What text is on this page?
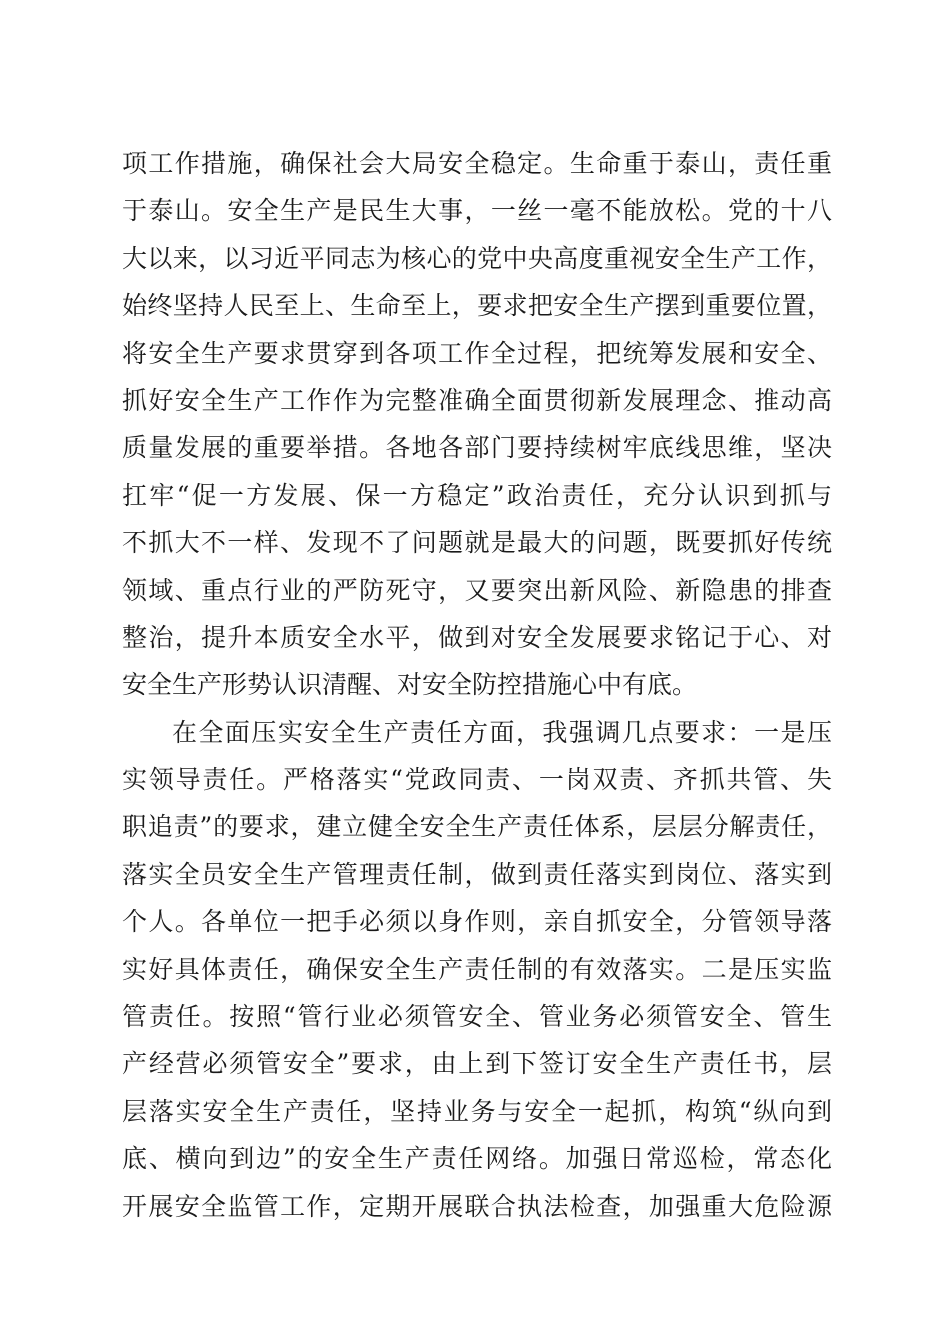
项工作措施，确保社会大局安全稳定。生命重于泰山，责任重
于泰山。安全生产是民生大事，一丝一毫不能放松。党的十八
大以来，以习近平同志为核心的党中央高度重视安全生产工作，
始终坚持人民至上、生命至上，要求把安全生产摆到重要位置，
将安全生产要求贯穿到各项工作全过程，把统筹发展和安全、
抓好安全生产工作作为完整准确全面贯彻新发展理念、推动高
质量发展的重要举措。各地各部门要持续树牢底线思维，坚决
扛牢“促一方发展、保一方稳定”政治责任，充分认识到抓与
不抓大不一样、发现不了问题就是最大的问题，既要抓好传统
领域、重点行业的严防死守，又要突出新风险、新隐患的排查
整治，提升本质安全水平，做到对安全发展要求铭记于心、对
安全生产形势认识清醒、对安全防控措施心中有底。
在全面压实安全生产责任方面，我强调几点要求：一是压
实领导责任。严格落实“党政同责、一岗双责、齐抓共管、失
职追责”的要求，建立健全安全生产责任体系，层层分解责任，
落实全员安全生产管理责任制，做到责任落实到岗位、落实到
个人。各单位一把手必须以身作则，亲自抓安全，分管领导落
实好具体责任，确保安全生产责任制的有效落实。二是压实监
管责任。按照“管行业必须管安全、管业务必须管安全、管生
产经营必须管安全”要求，由上到下签订安全生产责任书，层
层落实安全生产责任，坚持业务与安全一起抓，构筑“纵向到
底、横向到边”的安全生产责任网络。加强日常巡检，常态化
开展安全监管工作，定期开展联合执法检查，加强重大危险源
